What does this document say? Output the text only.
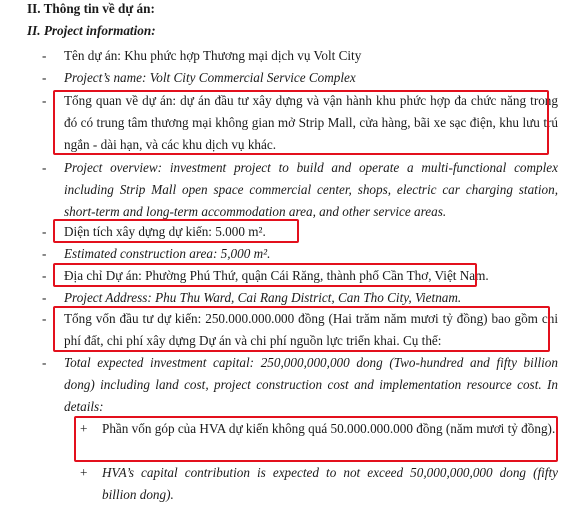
II. Thông tin về dự án:
II. Project information:
-	Tên dự án: Khu phức hợp Thương mại dịch vụ Volt City
-	Project’s name: Volt City Commercial Service Complex
-	Tổng quan về dự án: dự án đầu tư xây dựng và vận hành khu phức hợp đa chức năng trong đó có trung tâm thương mại không gian mở Strip Mall, cửa hàng, bãi xe sạc điện, khu lưu trú ngắn - dài hạn, và các khu dịch vụ khác.
-	Project overview: investment project to build and operate a multi-functional complex including Strip Mall open space commercial center, shops, electric car charging station, short-term and long-term accommodation area, and other service areas.
-	Diện tích xây dựng dự kiến: 5.000 m².
-	Estimated construction area: 5,000 m².
-	Địa chỉ Dự án: Phường Phú Thứ, quận Cái Răng, thành phố Cần Thơ, Việt Nam.
-	Project Address: Phu Thu Ward, Cai Rang District, Can Tho City, Vietnam.
-	Tổng vốn đầu tư dự kiến: 250.000.000.000 đồng (Hai trăm năm mươi tỷ đồng) bao gồm chi phí đất, chi phí xây dựng Dự án và chi phí nguồn lực triển khai. Cụ thể:
-	Total expected investment capital: 250,000,000,000 dong (Two-hundred and fifty billion dong) including land cost, project construction cost and implementation resource cost. In details:
+ Phần vốn góp của HVA dự kiến không quá 50.000.000.000 đồng (năm mươi tỷ đồng).
+ HVA’s capital contribution is expected to not exceed 50,000,000,000 dong (fifty billion dong).
